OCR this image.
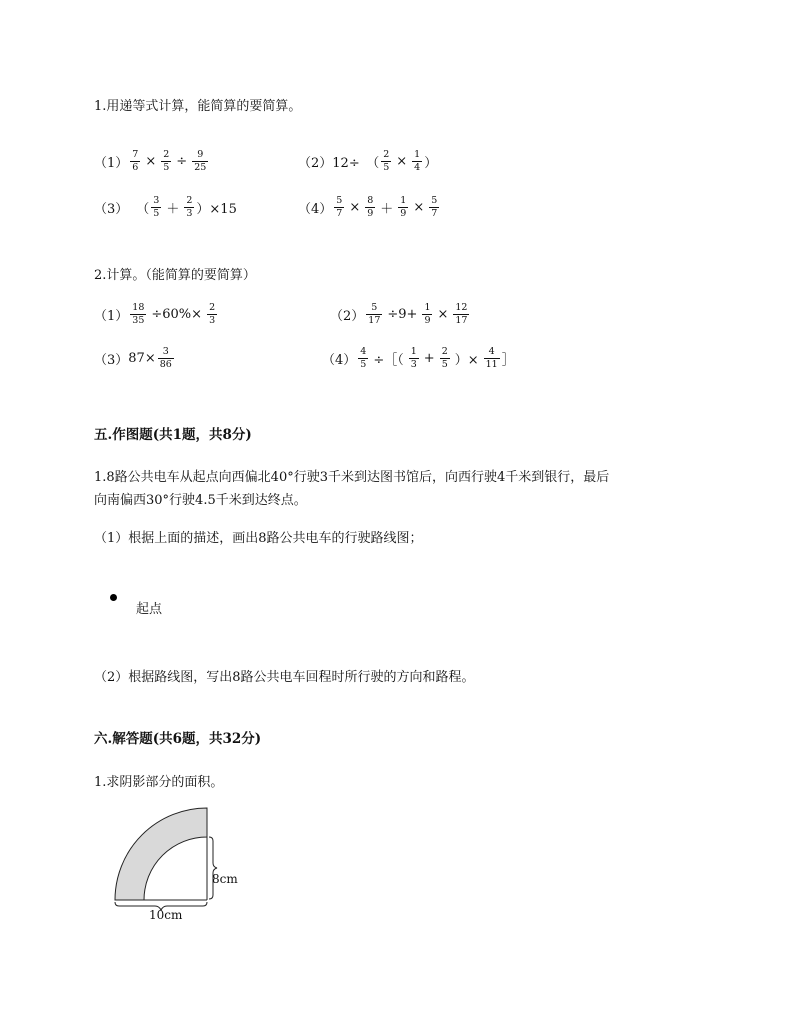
1.用递等式计算，能简算的要简算。
$(1) \frac{7}{6} \times \frac{2}{5} \div \frac{9}{25}$	（2） 12÷　（ $\frac{2}{5} \times \frac{1}{4}$ ）
（3） （ $\frac{3}{5} + \frac{2}{3} )\times 15$	$(4) \frac{5}{7} \times \frac{8}{9} + \frac{1}{9} \times \frac{5}{7}$
2.计算。（能简算的要简算）
$(1) \frac{18}{35} \div 60\%\times \frac{2}{3}$	$(2) \frac{5}{17} \div 9+ \frac{1}{9} \times \frac{12}{17}$
（3） $87\times \frac{3}{86}$	$(4) \frac{4}{5}$ ÷［（ $\frac{1}{3} + \frac{2}{5}$ ）× $\frac{4}{11}$ ］
五.作图题(共1题，共8分)
1.8路公共电车从起点向西偏北40°行驶3千米到达图书馆后，向西行驶4千米到银行，最后
向南偏西30°行驶4.5千米到达终点。
（1）根据上面的描述，画出8路公共电车的行驶路线图；
起点
（2）根据路线图，写出8路公共电车回程时所行驶的方向和路程。
六.解答题(共6题，共32分)
1.求阴影部分的面积。
8cm
10cm
